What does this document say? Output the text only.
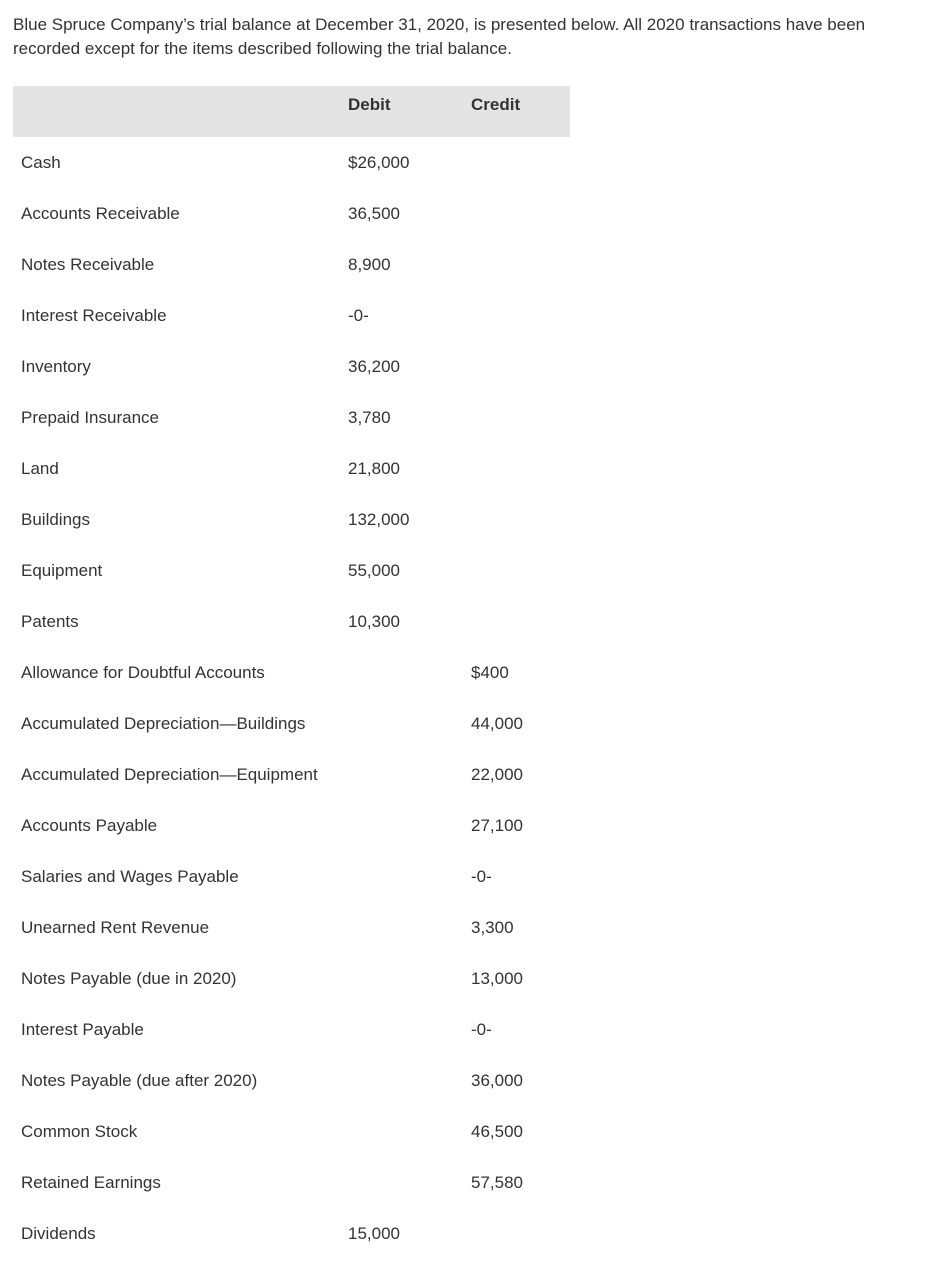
Blue Spruce Company’s trial balance at December 31, 2020, is presented below. All 2020 transactions have been
recorded except for the items described following the trial balance.

	Debit	Credit
Cash	$26,000	
Accounts Receivable	36,500	
Notes Receivable	8,900	
Interest Receivable	-0-	
Inventory	36,200	
Prepaid Insurance	3,780	
Land	21,800	
Buildings	132,000	
Equipment	55,000	
Patents	10,300	
Allowance for Doubtful Accounts		$400
Accumulated Depreciation—Buildings		44,000
Accumulated Depreciation—Equipment		22,000
Accounts Payable		27,100
Salaries and Wages Payable		-0-
Unearned Rent Revenue		3,300
Notes Payable (due in 2020)		13,000
Interest Payable		-0-
Notes Payable (due after 2020)		36,000
Common Stock		46,500
Retained Earnings		57,580
Dividends	15,000	
